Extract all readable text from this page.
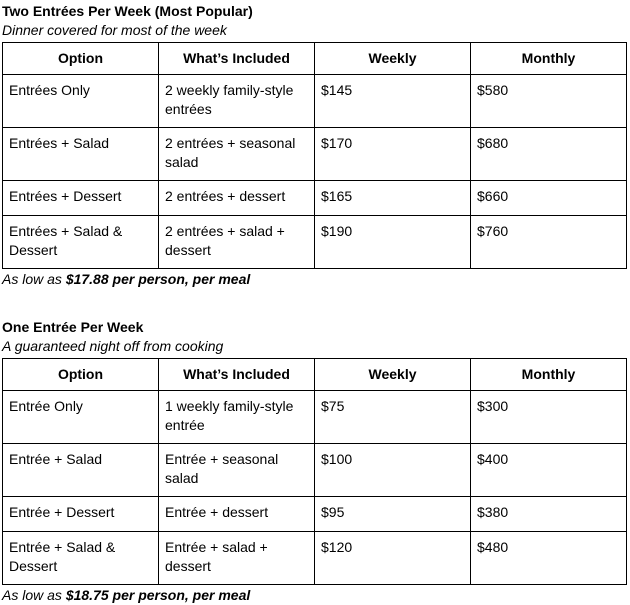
Two Entrées Per Week (Most Popular)
Dinner covered for most of the week
Option	What’s Included	Weekly	Monthly
Entrées Only	2 weekly family-style entrées	$145	$580
Entrées + Salad	2 entrées + seasonal salad	$170	$680
Entrées + Dessert	2 entrées + dessert	$165	$660
Entrées + Salad & Dessert	2 entrées + salad + dessert	$190	$760
As low as $17.88 per person, per meal
One Entrée Per Week
A guaranteed night off from cooking
Option	What’s Included	Weekly	Monthly
Entrée Only	1 weekly family-style entrée	$75	$300
Entrée + Salad	Entrée + seasonal salad	$100	$400
Entrée + Dessert	Entrée + dessert	$95	$380
Entrée + Salad & Dessert	Entrée + salad + dessert	$120	$480
As low as $18.75 per person, per meal
